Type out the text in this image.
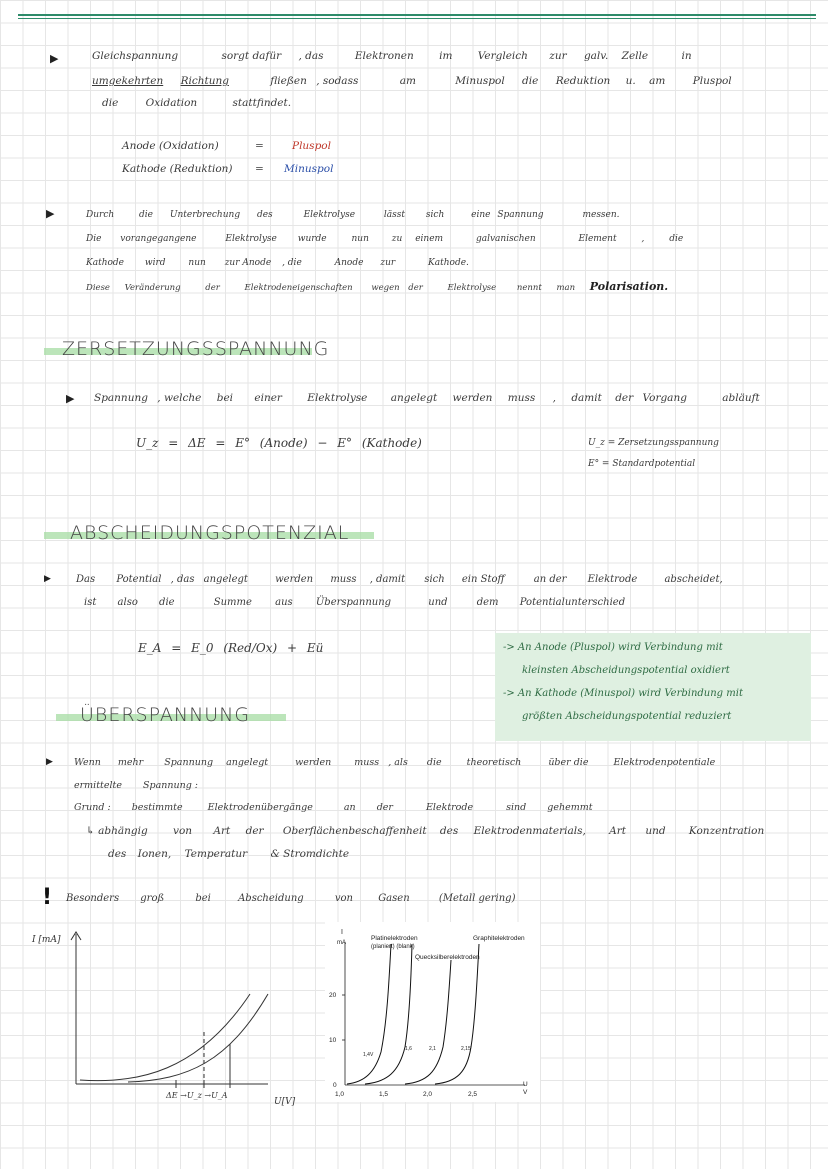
▶	Gleichspannung	sorgt dafür , das	Elektronen im Vergleich zur galv. Zelle	in
umgekehrten Richtung	fließen , sodass	am	Minuspol die Reduktion u. am	Pluspol
die	Oxidation	stattfindet.
Anode (Oxidation)	=	Pluspol
Kathode (Reduktion) = Minuspol
▶	Durch	die Unterbrechung des	Elektrolyse	lässt sich	eine Spannung	messen.
Die vorangegangene	Elektrolyse wurde	nun	zu einem	galvanischen	Element	,	die
Kathode wird	nun zur Anode , die	Anode zur	Kathode.
Diese Veränderung	der	Elektrodeneigenschaften wegen der	Elektrolyse nennt man Polarisation.
ZERSETZUNGSSPANNUNG
▶ Spannung , welche bei einer Elektrolyse angelegt werden muss , damit der Vorgang	abläuft
U_z = ΔE = E° (Anode) − E° (Kathode)	U_z = Zersetzungsspannung
E° = Standardpotential
ABSCHEIDUNGSPOTENZIAL
▶	Das Potential , das angelegt	werden muss , damit sich ein Stoff	an der Elektrode	abscheidet,
ist also die	Summe aus Überspannung	und	dem Potentialunterschied
E_A = E_0 (Red/Ox) + Eü	-> An Anode (Pluspol) wird Verbindung mit
kleinsten Abscheidungspotential oxidiert
-> An Kathode (Minuspol) wird Verbindung mit
größten Abscheidungspotential reduziert
ÜBERSPANNUNG
▶ Wenn mehr Spannung angelegt	werden muss , als die	theoretisch	über die	Elektrodenpotentiale
ermittelte Spannung :
Grund : bestimmte	Elektrodenübergänge	an der	Elektrode	sind gehemmt
↳ abhängig von Art der Oberflächenbeschaffenheit des Elektrodenmaterials, Art und Konzentration
des Ionen, Temperatur & Stromdichte
! Besonders groß	bei	Abscheidung	von	Gasen	(Metall gering)
I [mA]
ΔE →U_z →U_A
U[V]
I
mA
Platinelektroden
(planiert) (blank)
Graphitelektroden
Quecksilberelektroden
20
10
0
1,0	1,5	2,0	2,5
U
V
1,4V
1,6	2,1	2,15
